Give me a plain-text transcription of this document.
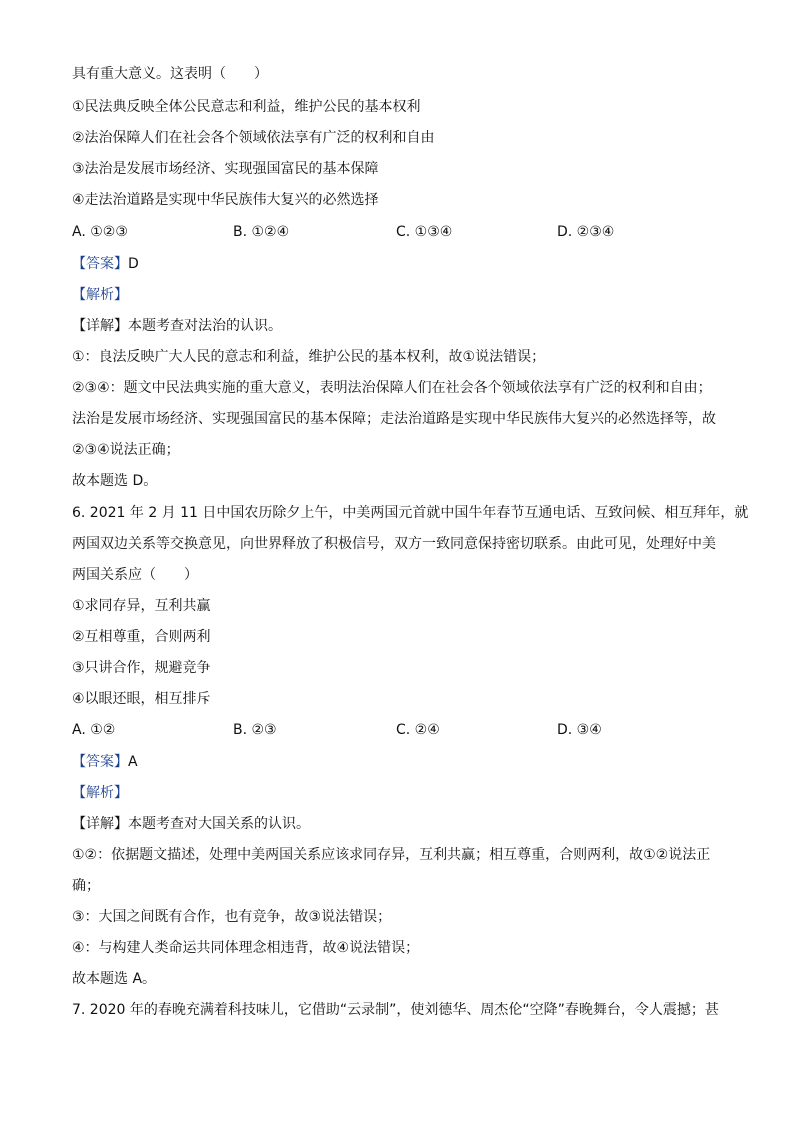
具有重大意义。这表明（　　）
①民法典反映全体公民意志和利益，维护公民的基本权利
②法治保障人们在社会各个领域依法享有广泛的权利和自由
③法治是发展市场经济、实现强国富民的基本保障
④走法治道路是实现中华民族伟大复兴的必然选择
A. ①②③	B. ①②④	C. ①③④	D. ②③④
【答案】D
【解析】
【详解】本题考查对法治的认识。
①：良法反映广大人民的意志和利益，维护公民的基本权利，故①说法错误；
②③④：题文中民法典实施的重大意义，表明法治保障人们在社会各个领域依法享有广泛的权利和自由；
法治是发展市场经济、实现强国富民的基本保障；走法治道路是实现中华民族伟大复兴的必然选择等，故
②③④说法正确；
故本题选 D。
6. 2021 年 2 月 11 日中国农历除夕上午，中美两国元首就中国牛年春节互通电话、互致问候、相互拜年，就
两国双边关系等交换意见，向世界释放了积极信号，双方一致同意保持密切联系。由此可见，处理好中美
两国关系应（　　）
①求同存异，互利共赢
②互相尊重，合则两利
③只讲合作，规避竞争
④以眼还眼，相互排斥
A. ①②	B. ②③	C. ②④	D. ③④
【答案】A
【解析】
【详解】本题考查对大国关系的认识。
①②：依据题文描述，处理中美两国关系应该求同存异，互利共赢；相互尊重，合则两利，故①②说法正
确；
③：大国之间既有合作，也有竞争，故③说法错误；
④：与构建人类命运共同体理念相违背，故④说法错误；
故本题选 A。
7. 2020 年的春晚充满着科技味儿，它借助“云录制”，使刘德华、周杰伦“空降”春晚舞台，令人震撼；甚
